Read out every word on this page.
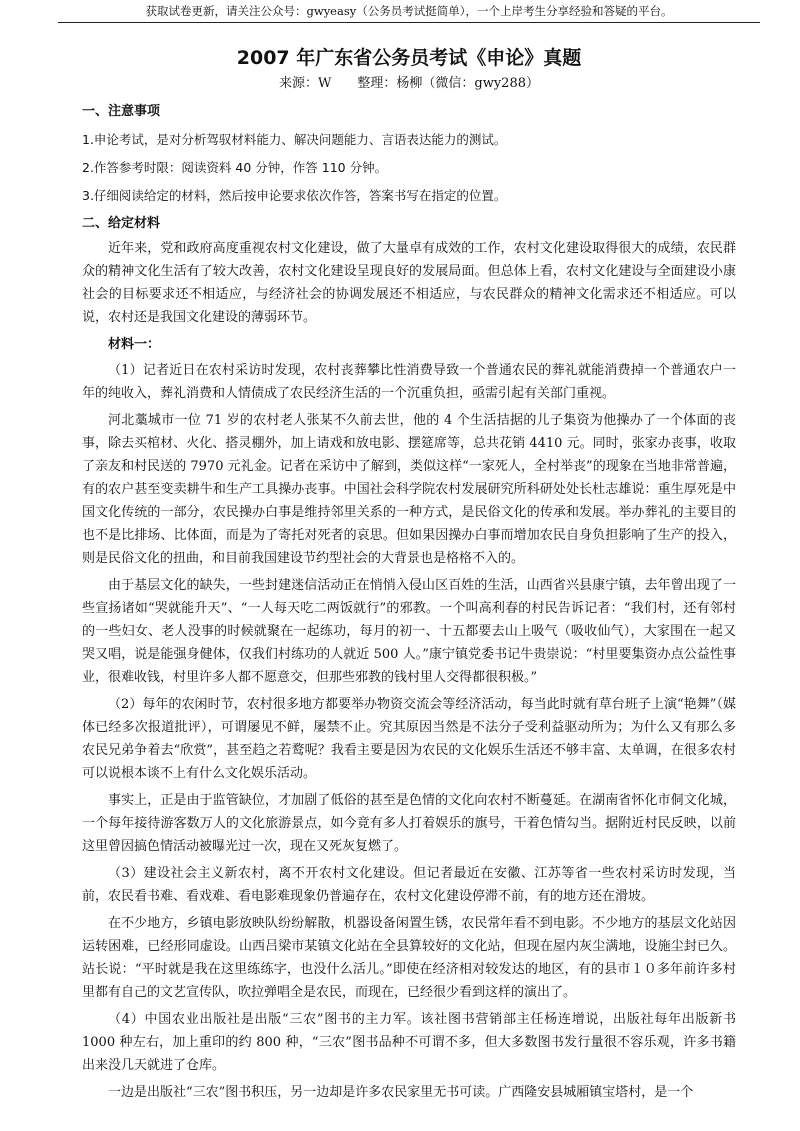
获取试卷更新，请关注公众号：gwyeasy（公务员考试挺简单），一个上岸考生分享经验和答疑的平台。
2007 年广东省公务员考试《申论》真题
来源：W　　整理：杨柳（微信：gwy288）
一、注意事项
1.申论考试，是对分析驾驭材料能力、解决问题能力、言语表达能力的测试。
2.作答参考时限：阅读资料 40 分钟，作答 110 分钟。
3.仔细阅读给定的材料，然后按申论要求依次作答，答案书写在指定的位置。
二、给定材料

近年来，党和政府高度重视农村文化建设，做了大量卓有成效的工作，农村文化建设取得很大的成绩，农民群众的精神文化生活有了较大改善，农村文化建设呈现良好的发展局面。但总体上看，农村文化建设与全面建设小康社会的目标要求还不相适应，与经济社会的协调发展还不相适应，与农民群众的精神文化需求还不相适应。可以说，农村还是我国文化建设的薄弱环节。

材料一：

（1）记者近日在农村采访时发现，农村丧葬攀比性消费导致一个普通农民的葬礼就能消费掉一个普通农户一年的纯收入，葬礼消费和人情债成了农民经济生活的一个沉重负担，亟需引起有关部门重视。

河北藁城市一位 71 岁的农村老人张某不久前去世，他的 4 个生活拮据的儿子集资为他操办了一个体面的丧事，除去买棺材、火化、搭灵棚外，加上请戏和放电影、摆筵席等，总共花销 4410 元。同时，张家办丧事，收取了亲友和村民送的 7970 元礼金。记者在采访中了解到，类似这样“一家死人，全村举丧”的现象在当地非常普遍，有的农户甚至变卖耕牛和生产工具操办丧事。中国社会科学院农村发展研究所科研处处长杜志雄说：重生厚死是中国文化传统的一部分，农民操办白事是维持邻里关系的一种方式，是民俗文化的传承和发展。举办葬礼的主要目的也不是比排场、比体面，而是为了寄托对死者的哀思。但如果因操办白事而增加农民自身负担影响了生产的投入，则是民俗文化的扭曲，和目前我国建设节约型社会的大背景也是格格不入的。

由于基层文化的缺失，一些封建迷信活动正在悄悄入侵山区百姓的生活，山西省兴县康宁镇，去年曾出现了一些宣扬诸如“哭就能升天”、“一人每天吃二两饭就行”的邪教。一个叫高利春的村民告诉记者：“我们村，还有邻村的一些妇女、老人没事的时候就聚在一起练功，每月的初一、十五都要去山上吸气（吸收仙气），大家围在一起又哭又唱，说是能强身健体，仅我们村练功的人就近 500 人。”康宁镇党委书记牛贵崇说：“村里要集资办点公益性事业，很难收钱，村里许多人都不愿意交，但那些邪教的钱村里人交得都很积极。”

（2）每年的农闲时节，农村很多地方都要举办物资交流会等经济活动，每当此时就有草台班子上演“艳舞”（媒体已经多次报道批评），可谓屡见不鲜，屡禁不止。究其原因当然是不法分子受利益驱动所为；为什么又有那么多农民兄弟争着去“欣赏”，甚至趋之若鹜呢？我看主要是因为农民的文化娱乐生活还不够丰富、太单调，在很多农村可以说根本谈不上有什么文化娱乐活动。

事实上，正是由于监管缺位，才加剧了低俗的甚至是色情的文化向农村不断蔓延。在湖南省怀化市侗文化城，一个每年接待游客数万人的文化旅游景点，如今竟有多人打着娱乐的旗号，干着色情勾当。据附近村民反映，以前这里曾因搞色情活动被曝光过一次，现在又死灰复燃了。

（3）建设社会主义新农村，离不开农村文化建设。但记者最近在安徽、江苏等省一些农村采访时发现，当前，农民看书难、看戏难、看电影难现象仍普遍存在，农村文化建设停滞不前，有的地方还在滑坡。

在不少地方，乡镇电影放映队纷纷解散，机器设备闲置生锈，农民常年看不到电影。不少地方的基层文化站因运转困难，已经形同虚设。山西吕梁市某镇文化站在全县算较好的文化站，但现在屋内灰尘满地，设施尘封已久。站长说：“平时就是我在这里练练字，也没什么活儿。”即使在经济相对较发达的地区，有的县市１０多年前许多村里都有自己的文艺宣传队，吹拉弹唱全是农民，而现在，已经很少看到这样的演出了。

（4）中国农业出版社是出版“三农”图书的主力军。该社图书营销部主任杨连增说，出版社每年出版新书 1000 种左右，加上重印的约 800 种，“三农”图书品种不可谓不多，但大多数图书发行量很不容乐观，许多书籍出来没几天就进了仓库。

一边是出版社“三农”图书积压，另一边却是许多农民家里无书可读。广西隆安县城厢镇宝塔村，是一个
